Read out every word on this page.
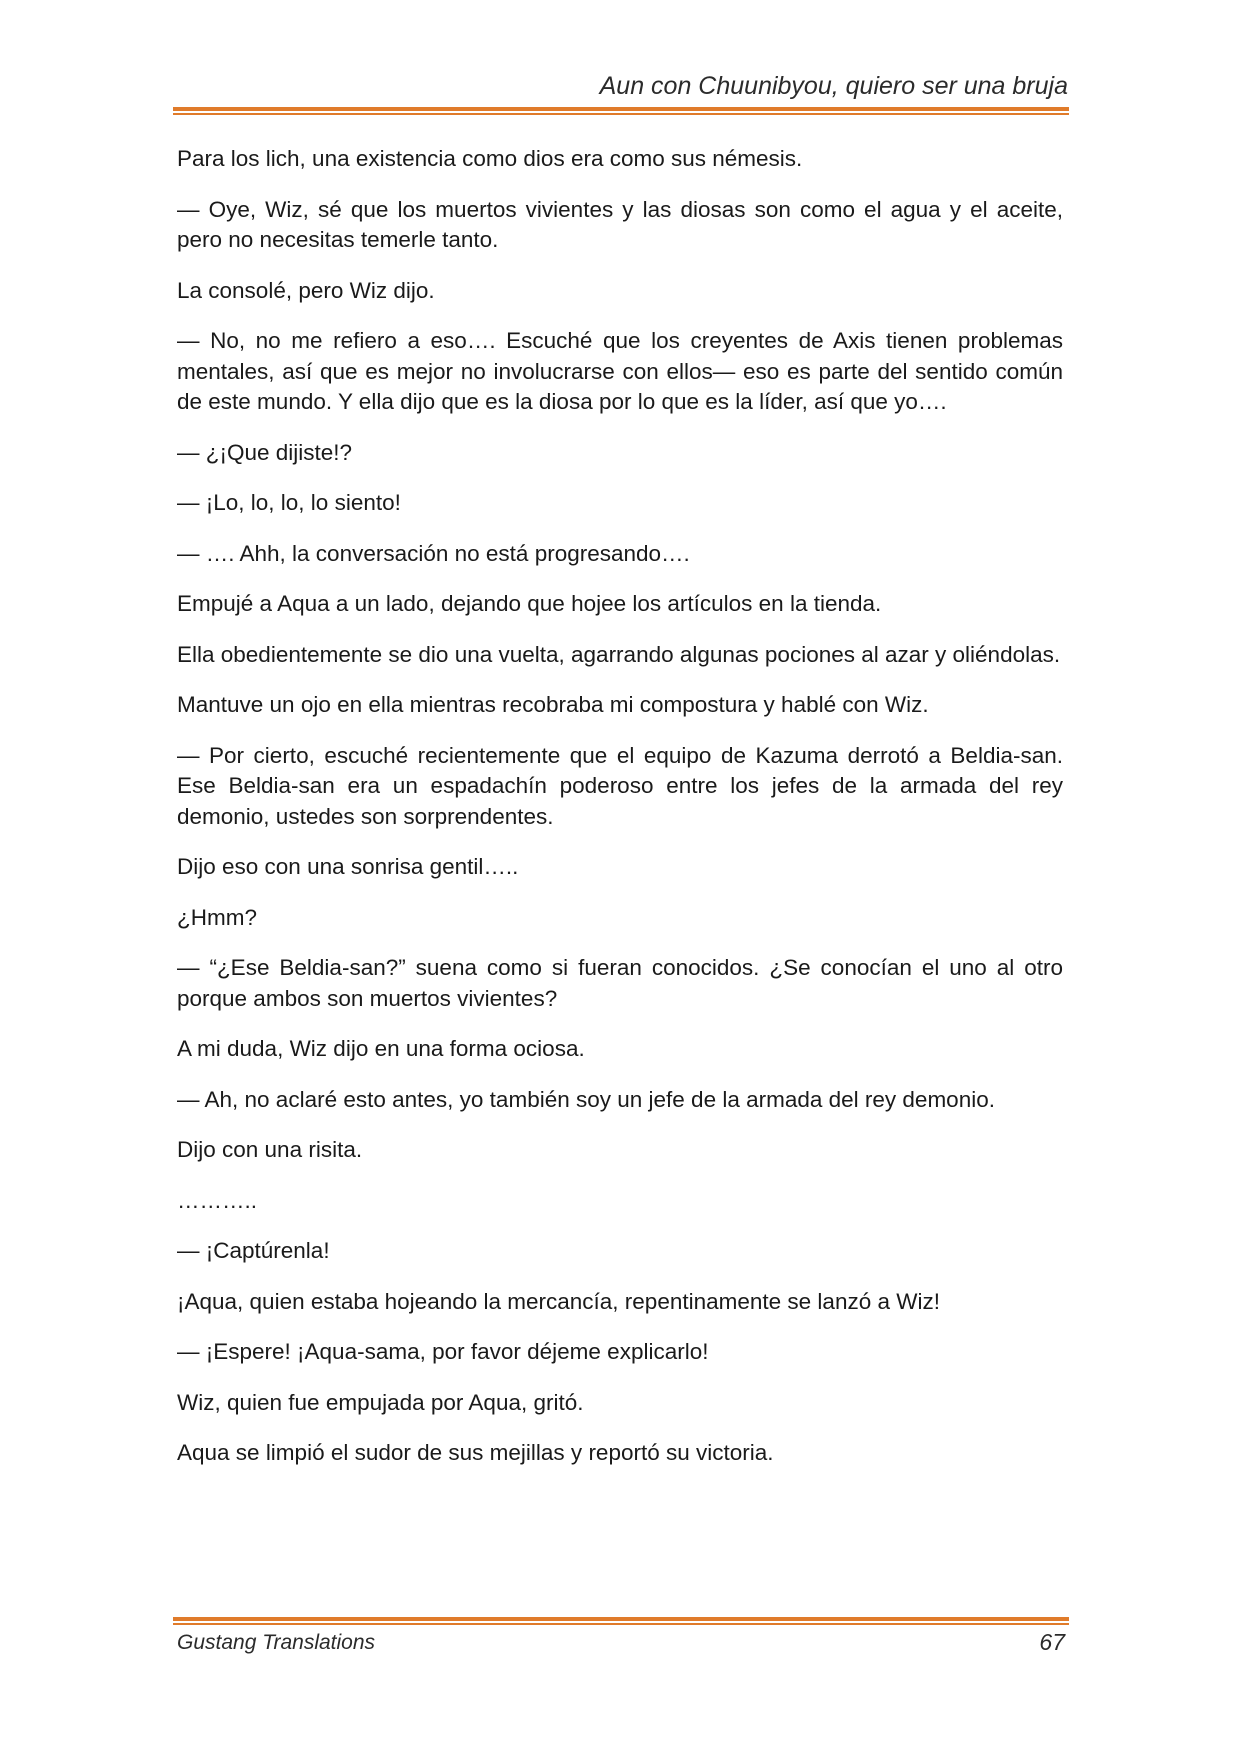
Aun con Chuunibyou, quiero ser una bruja

Para los lich, una existencia como dios era como sus némesis.

— Oye, Wiz, sé que los muertos vivientes y las diosas son como el agua y el aceite, pero no necesitas temerle tanto.

La consolé, pero Wiz dijo.

— No, no me refiero a eso…. Escuché que los creyentes de Axis tienen problemas mentales, así que es mejor no involucrarse con ellos— eso es parte del sentido común de este mundo. Y ella dijo que es la diosa por lo que es la líder, así que yo….

— ¿¡Que dijiste!?

— ¡Lo, lo, lo, lo siento!

— …. Ahh, la conversación no está progresando….

Empujé a Aqua a un lado, dejando que hojee los artículos en la tienda.

Ella obedientemente se dio una vuelta, agarrando algunas pociones al azar y oliéndolas.

Mantuve un ojo en ella mientras recobraba mi compostura y hablé con Wiz.

— Por cierto, escuché recientemente que el equipo de Kazuma derrotó a Beldia-san. Ese Beldia-san era un espadachín poderoso entre los jefes de la armada del rey demonio, ustedes son sorprendentes.

Dijo eso con una sonrisa gentil…..

¿Hmm?

— “¿Ese Beldia-san?” suena como si fueran conocidos. ¿Se conocían el uno al otro porque ambos son muertos vivientes?

A mi duda, Wiz dijo en una forma ociosa.

— Ah, no aclaré esto antes, yo también soy un jefe de la armada del rey demonio.

Dijo con una risita.

………..

— ¡Captúrenla!

¡Aqua, quien estaba hojeando la mercancía, repentinamente se lanzó a Wiz!

— ¡Espere! ¡Aqua-sama, por favor déjeme explicarlo!

Wiz, quien fue empujada por Aqua, gritó.

Aqua se limpió el sudor de sus mejillas y reportó su victoria.

Gustang Translations	67
